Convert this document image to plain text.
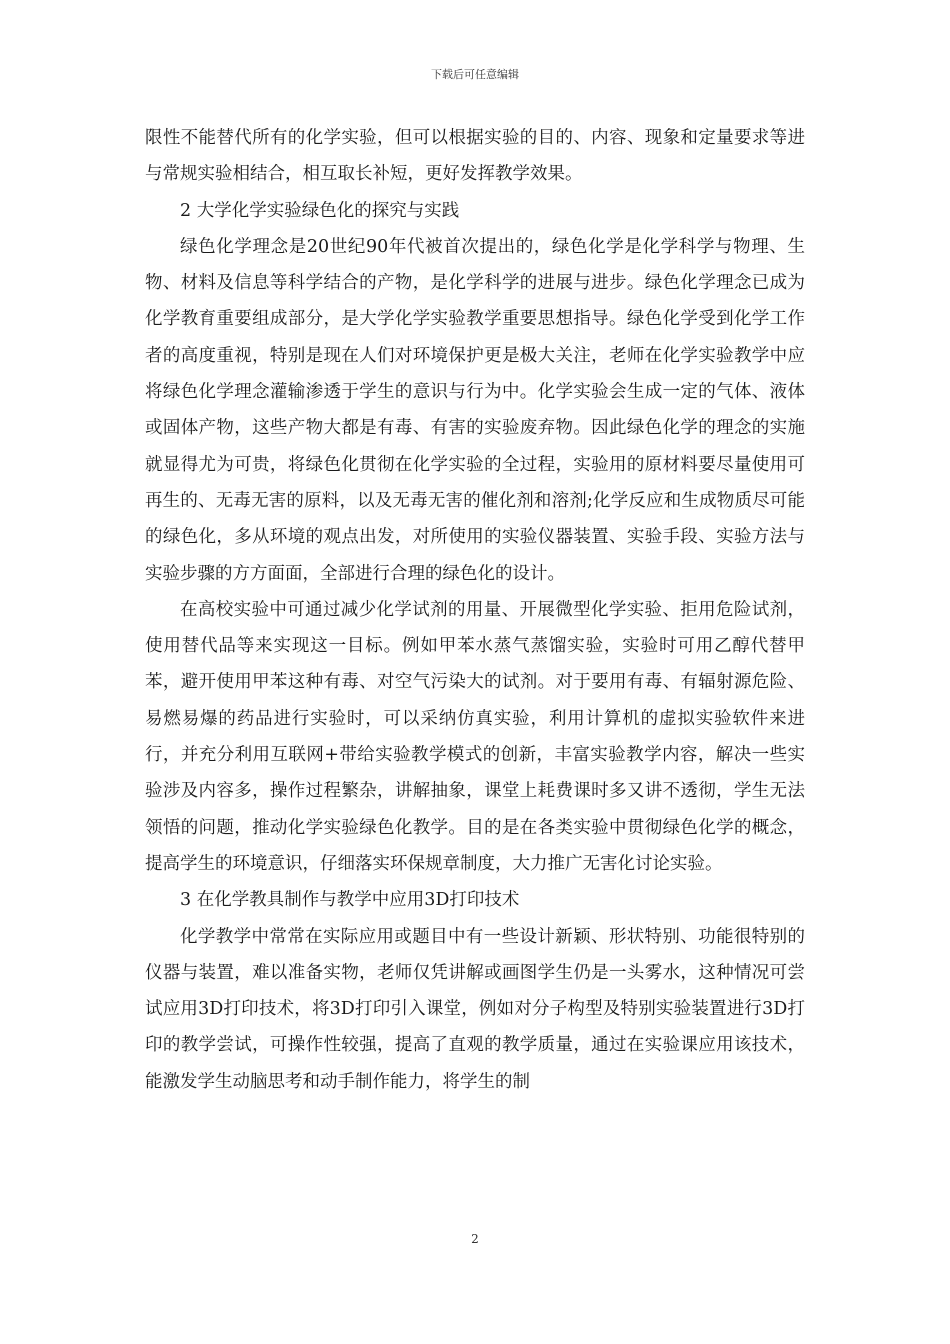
下载后可任意编辑

限性不能替代所有的化学实验，但可以根据实验的目的、内容、现象和定量要求等进与常规实验相结合，相互取长补短，更好发挥教学效果。

2 大学化学实验绿色化的探究与实践

绿色化学理念是20世纪90年代被首次提出的，绿色化学是化学科学与物理、生物、材料及信息等科学结合的产物，是化学科学的进展与进步。绿色化学理念已成为化学教育重要组成部分，是大学化学实验教学重要思想指导。绿色化学受到化学工作者的高度重视，特别是现在人们对环境保护更是极大关注，老师在化学实验教学中应将绿色化学理念灌输渗透于学生的意识与行为中。化学实验会生成一定的气体、液体或固体产物，这些产物大都是有毒、有害的实验废弃物。因此绿色化学的理念的实施就显得尤为可贵，将绿色化贯彻在化学实验的全过程，实验用的原材料要尽量使用可再生的、无毒无害的原料，以及无毒无害的催化剂和溶剂;化学反应和生成物质尽可能的绿色化，多从环境的观点出发，对所使用的实验仪器装置、实验手段、实验方法与实验步骤的方方面面，全部进行合理的绿色化的设计。

在高校实验中可通过减少化学试剂的用量、开展微型化学实验、拒用危险试剂，使用替代品等来实现这一目标。例如甲苯水蒸气蒸馏实验，实验时可用乙醇代替甲苯，避开使用甲苯这种有毒、对空气污染大的试剂。对于要用有毒、有辐射源危险、易燃易爆的药品进行实验时，可以采纳仿真实验，利用计算机的虚拟实验软件来进行，并充分利用互联网+带给实验教学模式的创新，丰富实验教学内容，解决一些实验涉及内容多，操作过程繁杂，讲解抽象，课堂上耗费课时多又讲不透彻，学生无法领悟的问题，推动化学实验绿色化教学。目的是在各类实验中贯彻绿色化学的概念，提高学生的环境意识，仔细落实环保规章制度，大力推广无害化讨论实验。

3 在化学教具制作与教学中应用3D打印技术

化学教学中常常在实际应用或题目中有一些设计新颖、形状特别、功能很特别的仪器与装置，难以准备实物，老师仅凭讲解或画图学生仍是一头雾水，这种情况可尝试应用3D打印技术，将3D打印引入课堂，例如对分子构型及特别实验装置进行3D打印的教学尝试，可操作性较强，提高了直观的教学质量，通过在实验课应用该技术，能激发学生动脑思考和动手制作能力，将学生的制

2
